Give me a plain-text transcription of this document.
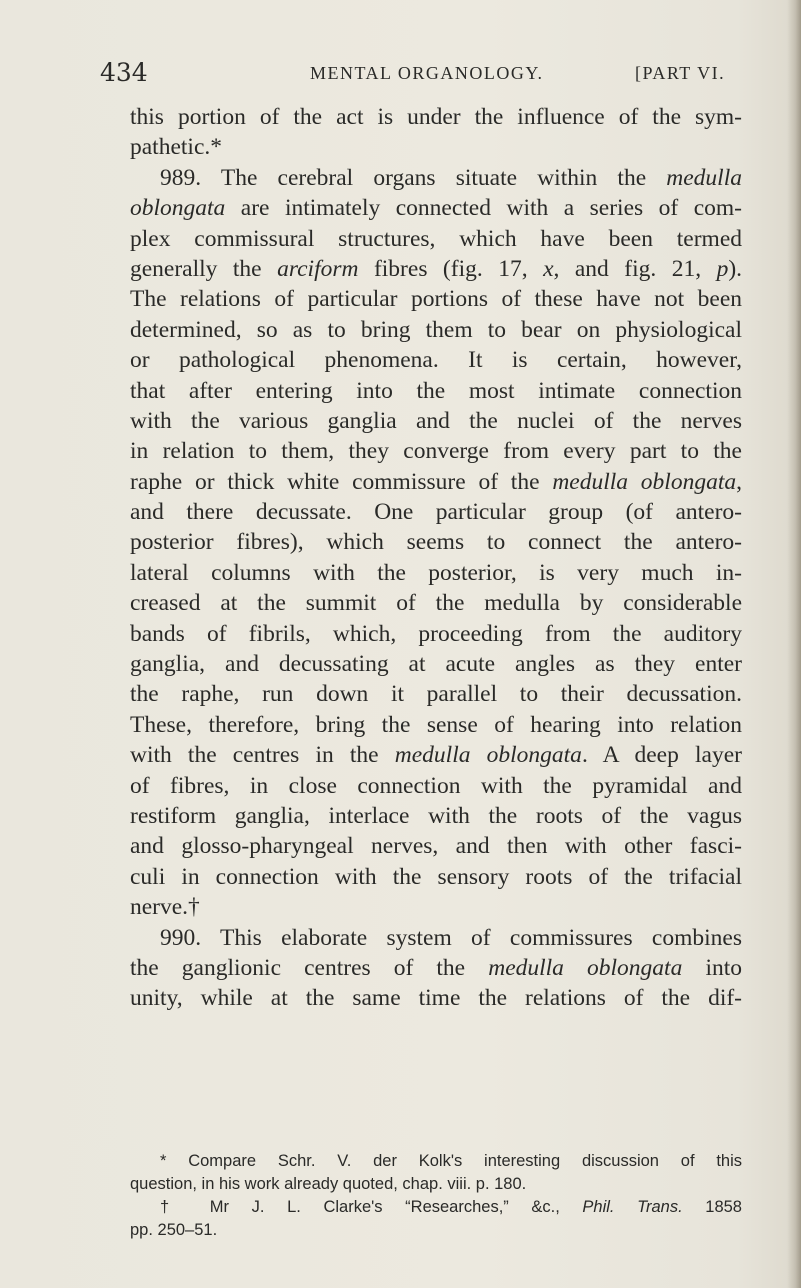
434	MENTAL ORGANOLOGY.	[PART VI.
this portion of the act is under the influence of the sym-
pathetic.*
989. The cerebral organs situate within the medulla
oblongata are intimately connected with a series of com-
plex commissural structures, which have been termed
generally the arciform fibres (fig. 17, x, and fig. 21, p).
The relations of particular portions of these have not been
determined, so as to bring them to bear on physiological
or pathological phenomena. It is certain, however,
that after entering into the most intimate connection
with the various ganglia and the nuclei of the nerves
in relation to them, they converge from every part to the
raphe or thick white commissure of the medulla oblongata,
and there decussate. One particular group (of antero-
posterior fibres), which seems to connect the antero-
lateral columns with the posterior, is very much in-
creased at the summit of the medulla by considerable
bands of fibrils, which, proceeding from the auditory
ganglia, and decussating at acute angles as they enter
the raphe, run down it parallel to their decussation.
These, therefore, bring the sense of hearing into relation
with the centres in the medulla oblongata. A deep layer
of fibres, in close connection with the pyramidal and
restiform ganglia, interlace with the roots of the vagus
and glosso-pharyngeal nerves, and then with other fasci-
culi in connection with the sensory roots of the trifacial
nerve.†
990. This elaborate system of commissures combines
the ganglionic centres of the medulla oblongata into
unity, while at the same time the relations of the dif-
* Compare Schr. V. der Kolk's interesting discussion of this
question, in his work already quoted, chap. viii. p. 180.
† Mr J. L. Clarke's “Researches,” &c., Phil. Trans. 1858
pp. 250–51.
